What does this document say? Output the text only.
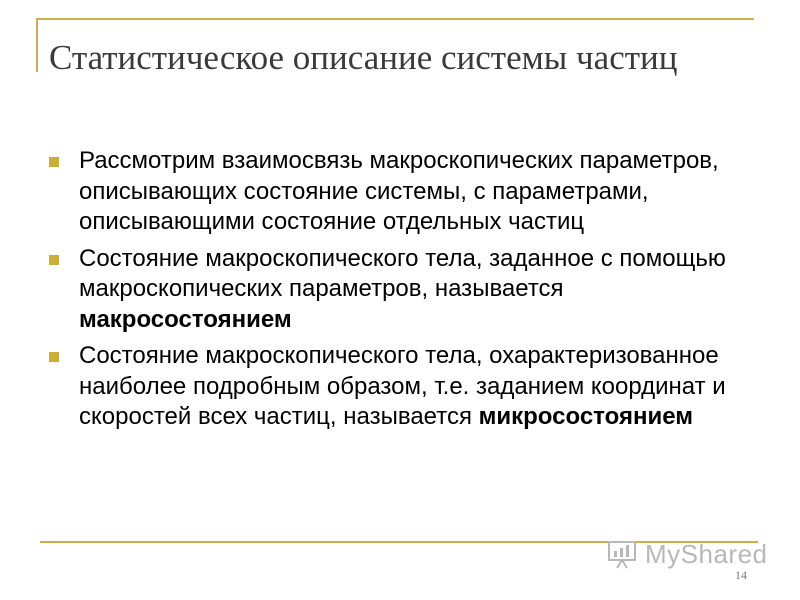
Статистическое описание системы частиц
Рассмотрим взаимосвязь макроскопических параметров, описывающих состояние системы, с параметрами, описывающими состояние отдельных частиц
Состояние макроскопического тела, заданное с помощью макроскопических параметров, называется макросостоянием
Состояние макроскопического тела, охарактеризованное наиболее подробным образом, т.е. заданием координат и скоростей всех частиц, называется микросостоянием
MyShared
14
